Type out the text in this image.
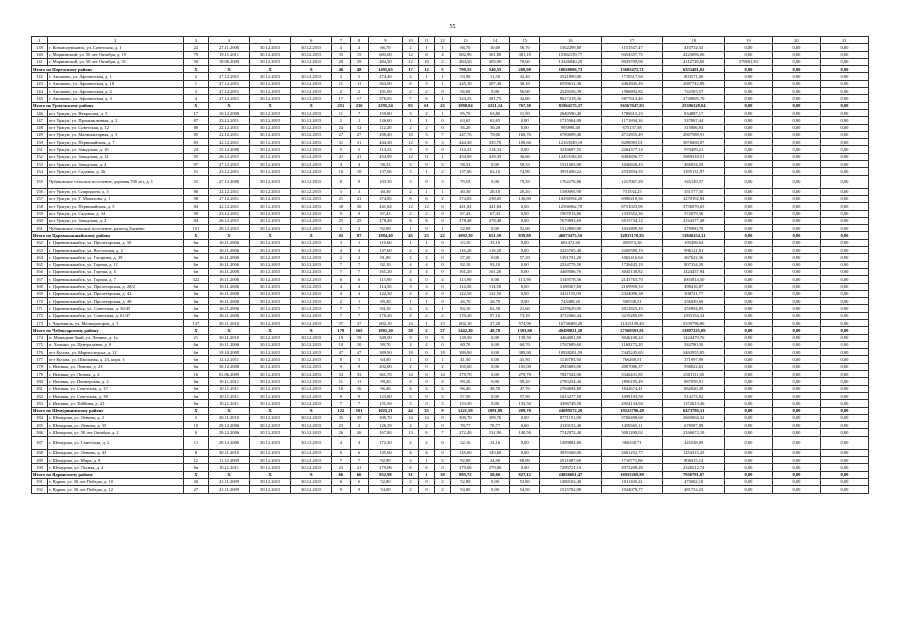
55
1	2	3	4	5	6	7	8	9	10	11	12	13	14	15	16	17	18	19	20	21
139	г. Козьмодемьянск, ул. Советская, д. 1	22	27.11.2006	30.12.2015	30.12.2015	4	4	66,70	2	1	1	66,70	10,00	56,70	1562299,80	1151547,47	410752,33	0,00	0,00	0,00
140	г. Мариинский, ул. 50 лет Октября, д. 19	79	19.11.2011	30.12.2015	30.12.2015	35	15	683,00	12	8	4	682,90	301,80	381,10	15382159,77	9454357,75	4223096,06	0,00	0,00	0,00
141	г. Мариинский, ул. 50 лет Октября, д. 31	56	18.06.2009	30.12.2015	30.12.2015	29	29	484,50	12	10	2	484,50	405,90	78,60	13426840,29	8929709,98	4112728,60	378601,83	0,00	0,00
Итого по Поречскому району		X	X	X	X	46	48	1495,65	17	12	5	790,55	540,55	209,90	18028096,73	13685475,71	6353491,02	0,00	0,00	0,00
142	г. Аксаково, ул. Афоничская, д. 1	2	27.12.2011	30.12.2015	30.12.2015	3	5	274,40	2	1	1	53,90	11,50	42,40	2521890,00	1718317,94	803571,06	0,00	0,00	0,00
143	г. Аксаково, ул. Афоничская, д. 18	1	27.12.2011	30.12.2015	30.12.2015	11	11	363,00	6	5	1	245,10	207,40	38,10	6559612,38	4462845,49	2087742,89	0,00	0,00	0,00
144	г. Аксаково, ул. Афоничская, д. 2	3	27.12.2011	30.12.2015	30.12.2015	2	2	101,00	2	2	0	56,60	0,00	56,60	2529256,39	1586892,82	742363,57	0,00	0,00	0,00
145	г. Аксаково, ул. Афоничская, д. 3	4	27.12.2011	30.12.2015	30.12.2015	17	17	376,05	7	6	1	324,35	281,75	42,60	8627219,36	5877613,46	2749605,70	0,00	0,00	0,00
Итого по Уржумскому району		X	X	X	X	251	236	2295,24	83	61	22	1998,04	2221,14	767,30	81964175,27	56567047,83	25396328,04	0,00	0,00	0,00
146	пгт Уржум, ул. Некрасова, д. 3	17	10.12.2006	30.12.2015	30.12.2015	11	7	159,80	3	2	1	95,70	63,80	31,90	2640590,40	1786613,23	834887,17	0,00	0,00	0,00
147	пгт Уржум, ул. Промышленная, д. 2	87	23.12.2011	30.12.2015	30.12.2015	2	1	126,00	1	1	0	63,65	63,65	0,00	1715964,08	1171694,16	547867,44	0,00	0,00	0,00
148	пгт Уржум, ул. Советская, д. 12	89	22.12.2011	30.12.2015	30.12.2015	24	12	112,20	2	2	0	36,20	36,20	0,00	995896,40	675137,38	315806,94	0,00	0,00	0,00
149	пгт Уржум, ул. Малмыжтарная, д. 3	85	22.12.2011	30.12.2015	30.12.2015	27	27	208,40	10	3	7	247,76	79,00	168,70	6780009,46	4712855,49	2067588,91	0,00	0,00	0,00
150	пгт Уржум, ул. Первомайская, д. 7	83	22.12.2011	30.12.2015	30.12.2015	31	31	444,30	12	9	3	444,30	335,70	108,60	12163549,18	8286983,01	3876060,07	0,00	0,00	0,00
151	пгт Уржум, ул. Заводская, д. 10	24	15.12.2006	30.12.2015	30.12.2015	5	5	114,33	3	3	0	114,33	114,33	0,00	3230697,55	2264377,14	970499,21	0,00	0,00	0,00
152	пгт Уржум, ул. Заводская, д. 12	95	26.12.2011	30.12.2015	30.12.2015	41	41	454,99	12	11	1	454,99	418,39	36,60	12453184,65	8484856,77	3969318,51	0,00	0,00	0,00
153	пгт Уржум, ул. Заводская, д. 4	97	27.12.2011	30.12.2015	30.12.2015	4	4	58,33	2	0	2	58,33	0,00	58,33	1521683,00	1036828,43	485054,55	0,00	0,00	0,00
154	пгт Уржум, ул. Садовая, д. 26	51	23.12.2011	30.12.2015	30.12.2015	10	10	137,06	3	1	2	137,06	62,16	74,90	3951606,22	2533854,35	1395131,97	0,00	0,00	0,00
155	Чубаковское сельское поселение, деревня 700 лет, д. 1	31	27.12.2006	30.12.2015	30.12.2015	8	8	103,39	3	0	3	79,59	0,00	79,59	1762276,86	1217067,29	545149,57	0,00	0,00	0,00
156	пгт Уржум, ул. Спиридона, д. 5	86	22.12.2011	30.12.2015	30.12.2015	3	3	40,30	2	1	1	40,30	20,10	20,20	1100095,90	751534,25	351577,35	0,00	0,00	0,00
157	пгт Уржум, ул. Т. Монахова, д. 1	98	27.12.2011	30.12.2015	30.12.2015	21	21	374,85	8	6	2	374,85	238,05	136,80	10250594,20	6980210,36	3270192,84	0,00	0,00	0,00
158	пгт Уржум, ул. Первомайская, д. 5	84	22.12.2011	30.12.2015	30.12.2015	30	30	441,84	12	12	0	441,84	441,84	0,00	12506962,78	8751023,96	3756070,63	0,00	0,00	0,00
159	пгт Уржум, ул. Садовая, д. 34	90	23.12.2011	30.12.2015	30.12.2015	9	9	67,43	2	2	0	67,43	67,43	0,00	1907013,86	1335552,30	572079,56	0,00	0,00	0,00
160	пгт Уржум, ул. Заводская, д. 2	84	26.12.2011	30.12.2015	30.12.2015	25	25	278,48	8	8	0	278,48	278,48	0,00	7679993,69	5515734,12	2164377,48	0,00	0,00	0,00
161	Чубаковское сельское поселение, разъезд Батиево	101	28.12.2011	30.12.2015	30.12.2015	2	2	92,00	1	0	1	52,00	0,00	52,00	1312800,00	1033899,30	278900,70	0,00	0,00	0,00
Итого по Царевококшайскому району		X	X	X	X	92	87	1884,40	45	23	22	1092,30	651,50	839,80	46673475,16	32833170,85	13840254,31	0,00	0,00	0,00
162	г. Царевококшайск, ул. Пролетарская, д. 50	6н	16.11.2006	30.12.2015	30.12.2015	3	1	110,60	1	1	0	33,10	33,10	0,00	601472,60	405974,36	195498,64	0,00	0,00	0,00
163	г. Царевококшайск, ул. Восточная, д. 2	6н	16.11.2006	30.12.2015	30.12.2015	4	4	147,60	2	2	0	116,20	116,20	0,00	3225765,40	2260580,19	996121,01	0,00	0,00	0,00
164	г. Царевококшайск, ул. Гагарина, д. 39	6н	16.11.2006	30.12.2015	30.12.2015	2	2	91,00	2	2	0	57,20	0,00	57,20	1391791,20	1065416,64	367622,56	0,00	0,00	0,00
165	г. Царевококшайск, ул. Горная, д. 11	6н	16.11.2006	30.12.2015	30.12.2015	7	7	92,10	4	4	0	92,10	92,10	0,00	2534779,58	1726445,19	807334,39	0,00	0,00	0,00
166	г. Царевококшайск, ул. Горная, д. 5	6н	16.11.2006	30.12.2015	30.12.2015	7	7	161,20	4	4	0	161,20	161,20	0,00	4469586,76	3045130,82	1424457,94	0,00	0,00	0,00
167	г. Царевококшайск, ул. Горная, д. 7	322	16.11.2006	30.12.2015	30.12.2015	6	6	113,90	4	0	4	113,90	0,00	113,90	3149578,36	2145763,70	1003814,50	0,00	0,00	0,00
168	г. Царевококшайск, ул. Пролетарская, д. 28/2	6н	16.11.2006	30.12.2015	30.12.2015	4	4	114,50	3	3	0	114,50	114,50	0,00	3188367,60	2169958,33	498416,87	0,00	0,00	0,00
169	г. Царевококшайск, ул. Пролетарская, д. 42	6н	16.11.2006	30.12.2015	30.12.2015	4	4	122,50	4	4	0	122,50	122,50	0,00	3411155,00	2324096,38	108721,77	0,00	0,00	0,00
170	г. Царевококшайск, ул. Пролетарская, д. 48	6н	16.11.2006	30.12.2015	30.12.2015	2	1	85,30	1	1	0	26,70	26,70	0,00	743488,20	506538,51	236949,69	0,00	0,00	0,00
171	г. Царевококшайск, ул. Советская, д. 50/45	6н	16.11.2006	30.12.2015	30.12.2015	7	7	84,10	2	2	1	84,10	62,50	21,60	2259629,95	2012825,15	255894,85	0,00	0,00	0,00
172	г. Царевококшайск, ул. Советская, д. 61/47	6н	16.11.2006	30.12.2015	30.12.2015	7	7	170,20	4	2	2	170,20	97,10	73,10	4712466,44	3219285,09	1503154,34	0,00	0,00	0,00
173	г. Чарлевиль, ул. Мелиораторов, д. 3	127	30.11.2010	30.12.2015	30.12.2015	37	37	602,10	14	1	13	602,10	27,20	574,90	16738469,20	11413139,40	5339796,80	0,00	0,00	0,00
Итого по Чебоксарскому району		X	X	X	X	179	165	1901,20	59	2	57	1442,30	48,70	1393,60	40490821,20	27569391,91	12897225,09	0,00	0,00	0,00
174	п. Мамадыш-Зьяй, ул. Ленина, д. 1а	21	30.11.2010	30.12.2015	30.12.2015	19	19	349,00	9	0	9	139,50	0,00	139,50	4464081,00	3046100,24	1424479,76	0,00	0,00	0,00
175	п. Хочьяш, ул. Центральная, д. 8	6н	16.11.2006	30.12.2015	30.12.2015	10	10	99,70	2	2	0	60,70	0,00	60,70	1767689,60	1169273,20	542780,30	0,00	0,00	0,00
176	пгт Кусьва, ул. Марисследска, д. 12	6н	19.10.2009	30.12.2015	30.12.2015	47	47	389,90	18	0	18	389,90	0,00	389,90	10928201,50	7445245,65	3462955,85	0,00	0,00	0,00
177	пгт Кусьва, ул. Школьная, д. 23, корп. 3	6н	12.12.2011	30.12.2015	30.12.2015	8	5	64,30	1	0	1	41,50	0,00	41,50	1116783,50	766268,51	371997,99	0,00	0,00	0,00
178	г. Нысвяж, ул. Ленина, д. 23	6н	30.12.2008	30.12.2015	30.12.2015	9	9	292,00	2	0	2	105,00	0,00	105,00	2945883,00	2007086,37	938822,63	0,00	0,00	0,00
179	г. Нысвяж, ул. Лесная, д. 2	16	01.06.2009	30.12.2015	30.12.2015	33	33	361,70	14	0	14	279,70	0,00	279,70	7847542,90	5346431,85	2501111,05	0,00	0,00	0,00
180	г. Нысвяж, ул. Пионерская, д. 2	6н	10.11.2011	30.12.2015	30.12.2015	11	11	99,20	4	0	4	99,20	0,00	99,20	2783254,40	1896195,49	887058,91	0,00	0,00	0,00
181	г. Нысвяж, ул. Советская, д. 37	6н	10.11.2011	30.12.2015	30.12.2015	16	16	96,40	4	2	2	96,40	48,70	47,70	2704694,80	1842674,41	862020,49	0,00	0,00	0,00
182	г. Нысвяж, ул. Советская, д. 38	6н	10.11.2011	30.12.2015	30.12.2015	9	9	123,80	2	0	2	57,50	0,00	57,50	1613277,50	1099103,58	514173,92	0,00	0,00	0,00
183	г. Нысвяж, ул. Тойбина, д. 23	6н	10.11.2011	30.12.2015	30.12.2015	7	7	151,50	3	0	3	133,50	0,00	133,50	4396749,50	2954134,94	1372613,46	0,00	0,00	0,00
Итого по Шемуршинскому району		X	X	X	X	122	101	1025,21	44	35	9	1221,59	1091,89	209,70	24099572,20	19525796,49	6473786,31	0,00	0,00	0,00
184	г. Шемурша, ул. Ленина, д. 2	3	30.11.2010	30.12.2015	30.12.2015	35	35	309,70	14	14	0	309,70	309,70	0,00	8771191,00	5700498,68	2669004,32	0,00	0,00	0,00
185	г. Шемурша, ул. Ленина, д. 35	10	29.12.2006	30.12.2015	30.12.2015	23	2	126,39	2	2	0	78,77	78,77	0,00	2129153,40	1450565,11	678587,89	0,00	0,00	0,00
186	г. Шемурша, ул. 50 лет Октября, д. 2	6	29.12.2006	30.12.2015	30.12.2015	26	26	167,80	13	6	7	272,40	131,90	140,50	7742972,40	5001209,02	2346672,18	0,00	0,00	0,00
187	г. Шемурша, ул. Советская, д. 2	11	29.12.2006	30.12.2015	30.12.2015	4	4	172,30	2	2	0	32,16	32,16	0,00	1499884,80	966330,71	445548,09	0,00	0,00	0,00
188	г. Шемурша, ул. Ленина, д. 43	8	30.11.2010	30.12.2015	30.12.2015	6	6	145,60	4	4	0	145,60	145,60	0,00	3935568,00	2681252,77	1254315,23	0,00	0,00	0,00
189	г. Шемурша, ул. Мира, д. 8	12	11.12.2009	30.12.2015	30.12.2015	7	7	92,90	3	1	2	92,90	24,90	68,00	2511087,60	1710771,86	800415,14	0,00	0,00	0,00
190	г. Шемурша, ул. Лесная, д. 4	6н	10.11.2011	30.12.2015	30.12.2015	21	21	279,06	6	6	0	279,06	279,06	0,00	7299721,10	4973208,28	2326512,74	0,00	0,00	0,00
Итого по Ядринскому району		X	X	X	X	66	66	952,98	31	1	30	895,72	58,60	827,12	24856661,47	16955269,80	7930791,67	0,00	0,00	0,00
191	г. Ядрин, ул. 30 лет Победы, д. 10	26	21.11.2009	30.12.2015	30.12.2015	6	6	52,80	2	0	2	52,80	0,00	52,80	1480102,40	1011100,22	475002,18	0,00	0,00	0,00
192	г. Ядрин, ул. 30 лет Победы, д. 12	27	21.11.2009	30.12.2015	30.12.2015	9	9	54,00	2	0	2	54,00	0,00	54,00	1515782,00	1034079,77	481752,23	0,00	0,00	0,00
